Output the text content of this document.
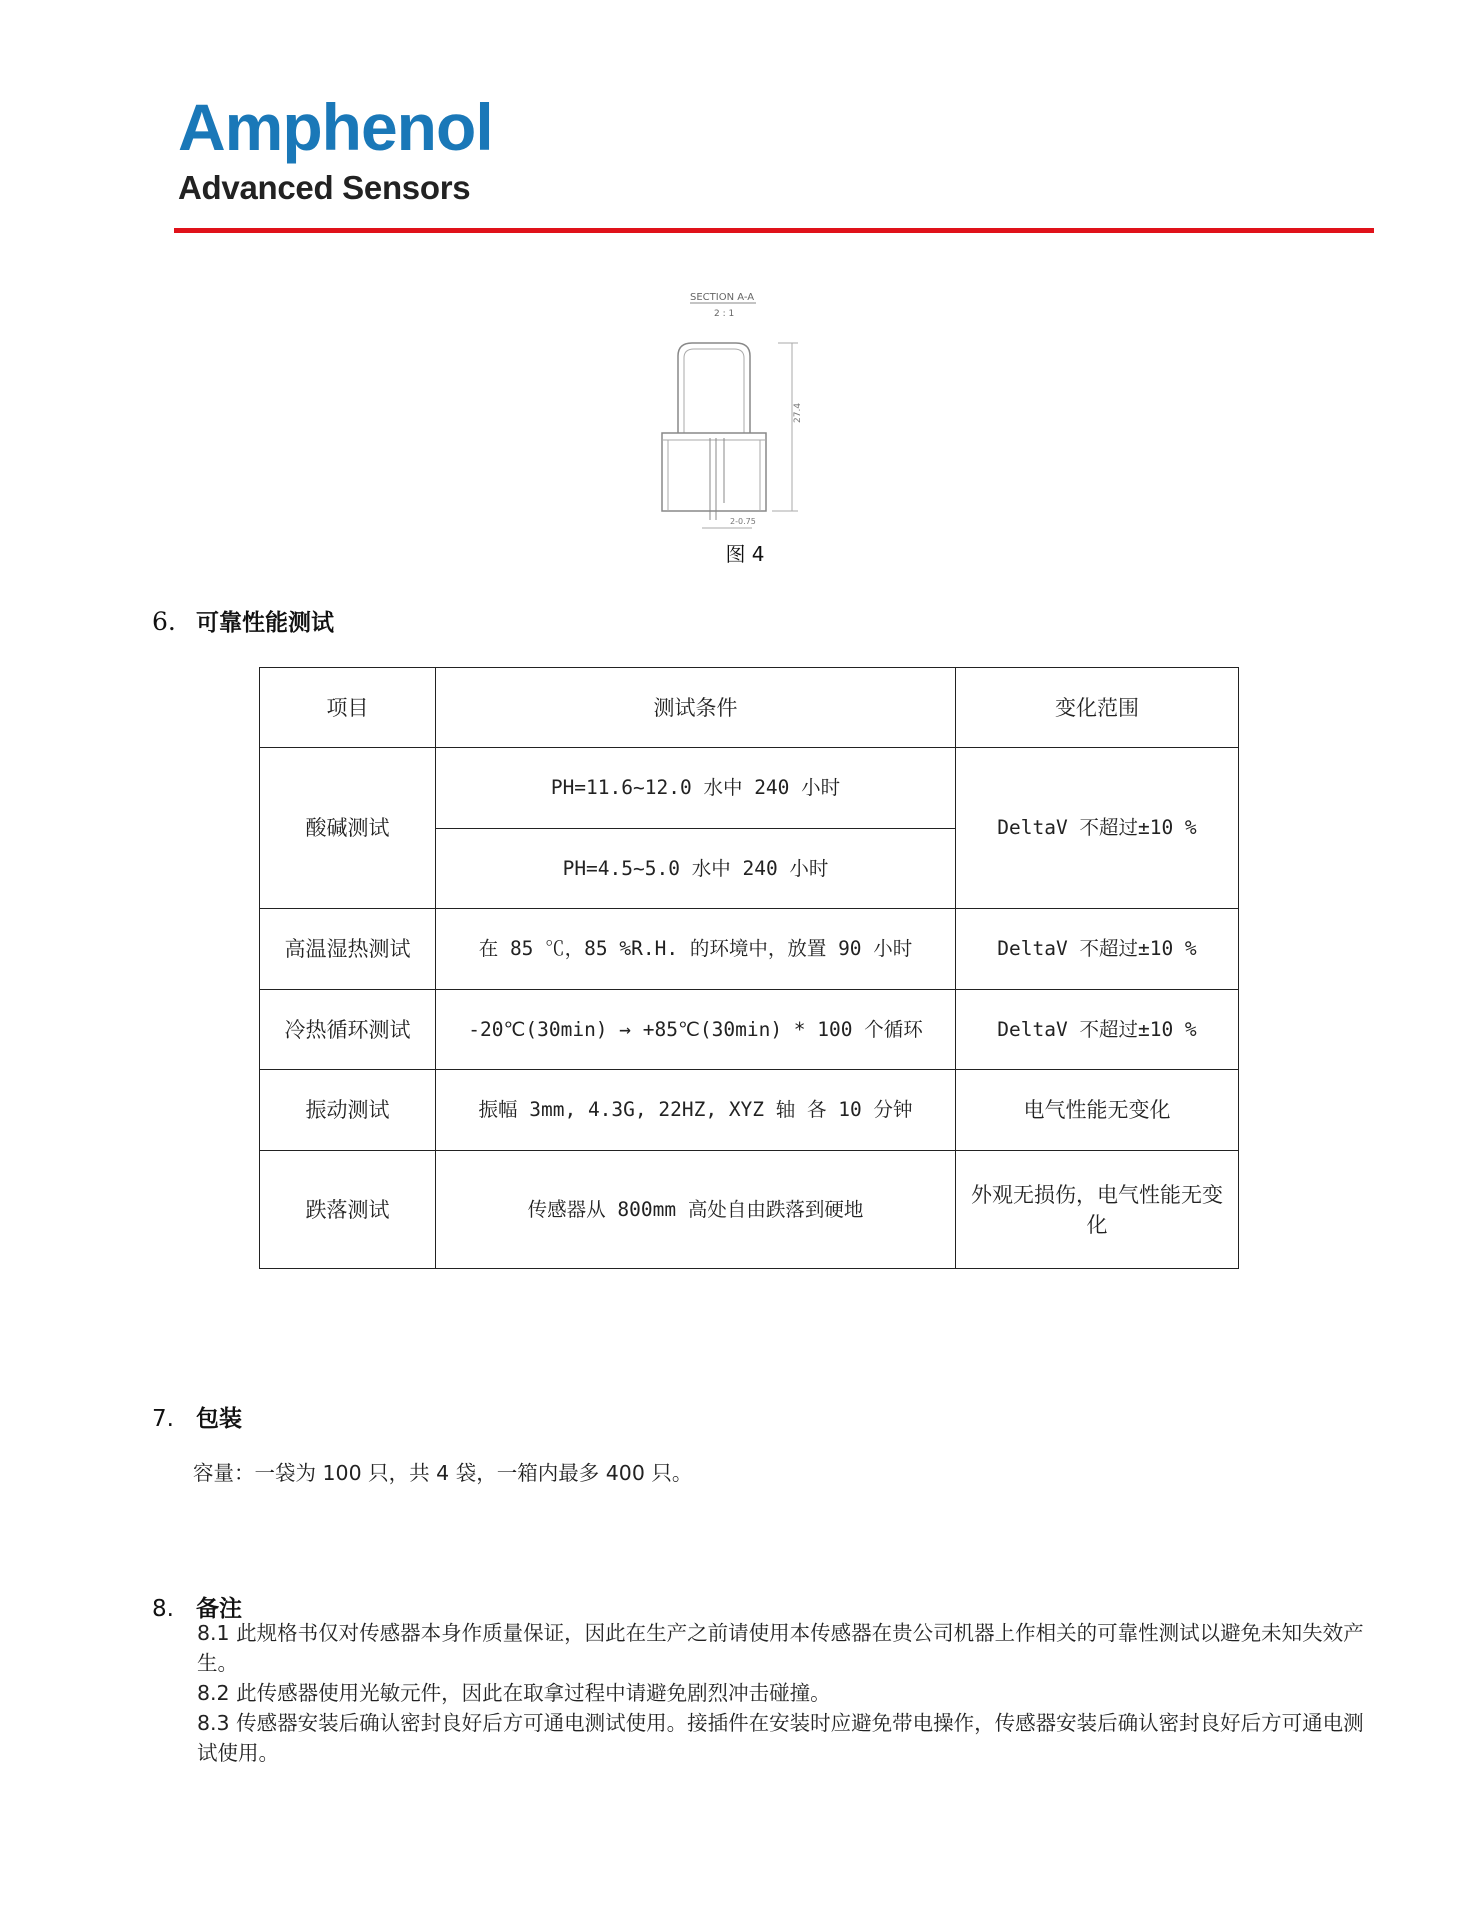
Amphenol
Advanced Sensors
SECTION A-A
2 : 1
27.4
2-0.75
图 4
6. 可靠性能测试
项目	测试条件	变化范围
酸碱测试	PH=11.6~12.0 水中 240 小时	DeltaV 不超过±10 %
	PH=4.5~5.0 水中 240 小时	
高温湿热测试	在 85 ℃，85 %R.H. 的环境中，放置 90 小时	DeltaV 不超过±10 %
冷热循环测试	-20℃(30min) → +85℃(30min) * 100 个循环	DeltaV 不超过±10 %
振动测试	振幅 3mm, 4.3G, 22HZ, XYZ 轴 各 10 分钟	电气性能无变化
跌落测试	传感器从 800mm 高处自由跌落到硬地	外观无损伤，电气性能无变化
7. 包装
容量：一袋为 100 只，共 4 袋，一箱内最多 400 只。
8. 备注

8.1 此规格书仅对传感器本身作质量保证，因此在生产之前请使用本传感器在贵公司机器上作相关的可靠性测试以避免未知失效产生。

8.2 此传感器使用光敏元件，因此在取拿过程中请避免剧烈冲击碰撞。

8.3 传感器安装后确认密封良好后方可通电测试使用。接插件在安装时应避免带电操作，传感器安装后确认密封良好后方可通电测试使用。
